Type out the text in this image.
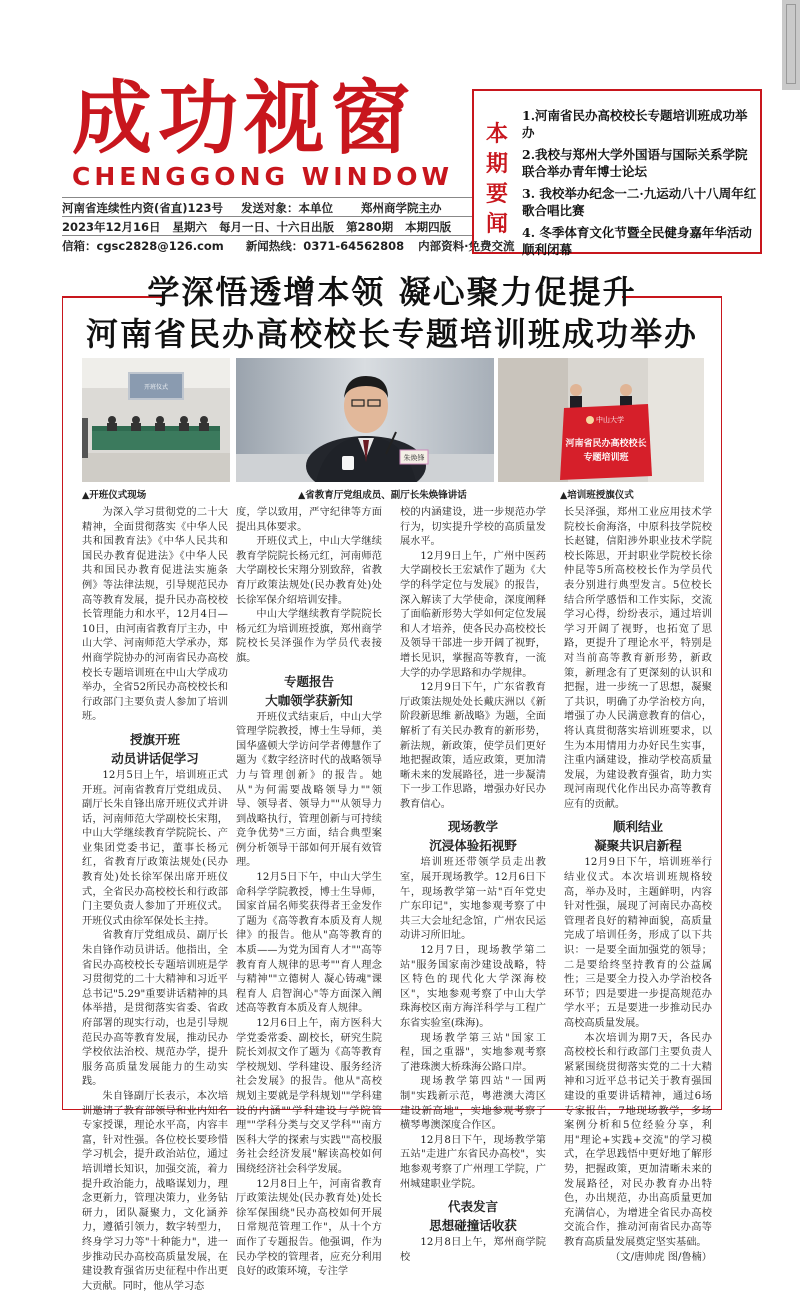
成功视窗
CHENGGONG WINDOW
河南省连续性内资(省直)123号 发送对象：本单位 郑州商学院主办
2023年12月16日 星期六 每月一日、十六日出版 第280期 本期四版
信箱：cgsc2828@126.com 新闻热线：0371-64562808 内部资料·免费交流
本期要闻
1.河南省民办高校校长专题培训班成功举办
2.我校与郑州大学外国语与国际关系学院联合举办青年博士论坛
3. 我校举办纪念一二·九运动八十八周年红歌合唱比赛
4. 冬季体育文化节暨全民健身嘉年华活动顺利闭幕
学深悟透增本领 凝心聚力促提升
河南省民办高校校长专题培训班成功举办
开班仪式
朱焕锋
中山大学
河南省民办高校校长
专题培训班
▲开班仪式现场	▲省教育厅党组成员、副厅长朱焕锋讲话	▲培训班授旗仪式

为深入学习贯彻党的二十大精神，全面贯彻落实《中华人民共和国教育法》《中华人民共和国民办教育促进法》《中华人民共和国民办教育促进法实施条例》等法律法规，引导规范民办高等教育发展，提升民办高校校长管理能力和水平，12月4日—10日，由河南省教育厅主办，中山大学、河南师范大学承办，郑州商学院协办的河南省民办高校校长专题培训班在中山大学成功举办，全省52所民办高校校长和行政部门主要负责人参加了培训班。

授旗开班

动员讲话促学习

12月5日上午，培训班正式开班。河南省教育厅党组成员、副厅长朱自锋出席开班仪式并讲话，河南师范大学副校长宋翔，中山大学继续教育学院院长、产业集团党委书记，董事长杨元红，省教育厅政策法规处(民办教育处)处长徐军保出席开班仪式，全省民办高校校长和行政部门主要负责人参加了开班仪式。开班仪式由徐军保处长主持。

省教育厅党组成员、副厅长朱自锋作动员讲话。他指出，全省民办高校校长专题培训班是学习贯彻党的二十大精神和习近平总书记"5.29"重要讲话精神的具体举措，是贯彻落实省委、省政府部署的现实行动，也是引导规范民办高等教育发展，推动民办学校依法治校、规范办学，提升服务高质量发展能力的生动实践。

朱自锋副厅长表示，本次培训邀请了教育部领导和业内知名专家授课，理论水平高，内容丰富，针对性强。各位校长要珍惜学习机会，提升政治站位，通过培训增长知识，加强交流，着力提升政治能力，战略谋划力，理念更新力，管理决策力，业务钻研力，团队凝聚力，文化涵养力，遵循引领力，数字转型力，终身学习力等"十种能力"，进一步推动民办高校高质量发展，在建设教育强省历史征程中作出更大贡献。同时，他从学习态

度，学以致用，严守纪律等方面提出具体要求。

开班仪式上，中山大学继续教育学院院长杨元红，河南师范大学副校长宋翔分别致辞，省教育厅政策法规处(民办教育处)处长徐军保介绍培训安排。

中山大学继续教育学院院长杨元红为培训班授旗，郑州商学院校长吴泽强作为学员代表接旗。

专题报告

大咖领学获新知

开班仪式结束后，中山大学管理学院教授，博士生导师，美国华盛顿大学访问学者傅慧作了题为《数字经济时代的战略领导力与管理创新》的报告。她从"为何需要战略领导力""领导、领导者、领导力""从领导力到战略执行，管理创新与可持续竞争优势"三方面，结合典型案例分析领导干部如何开展有效管理。

12月5日下午，中山大学生命科学学院教授，博士生导师，国家首届名师奖获得者王金发作了题为《高等教育本质及育人规律》的报告。他从"高等教育的本质——为党为国育人才""高等教育育人规律的思考""育人理念与精神""立德树人 凝心铸魂"课程育人 启智润心"等方面深入阐述高等教育本质及育人规律。

12月6日上午，南方医科大学党委常委、副校长，研究生院院长刘叔文作了题为《高等教育学校规划、学科建设、服务经济社会发展》的报告。他从"高校规划主要就是学科规划""学科建设的内涵""学科建设与学院管理""学科分类与交叉学科""南方医科大学的探索与实践""高校服务社会经济发展"解读高校如何围绕经济社会科学发展。

12月8日上午，河南省教育厅政策法规处(民办教育处)处长徐军保围绕"民办高校如何开展日常规范管理工作"，从十个方面作了专题报告。他强调，作为民办学校的管理者，应充分利用良好的政策环境，专注学

校的内涵建设，进一步规范办学行为，切实提升学校的高质量发展水平。

12月9日上午，广州中医药大学副校长王宏斌作了题为《大学的科学定位与发展》的报告，深入解读了大学使命，深度阐释了面临新形势大学如何定位发展和人才培养，使各民办高校校长及领导干部进一步开阔了视野，增长见识，掌握高等教育，一流大学的办学思路和办学规律。

12月9日下午，广东省教育厅政策法规处处长戴庆洲以《新阶段新思维 新战略》为题，全面解析了有关民办教育的新形势，新法规，新政策，使学员们更好地把握政策，适应政策，更加清晰未来的发展路径，进一步凝清下一步工作思路，增强办好民办教育信心。

现场教学

沉浸体验拓视野

培训班还带领学员走出教室，展开现场教学。12月6日下午，现场教学第一站"百年党史 广东印记"，实地参观考察了中共三大会址纪念馆，广州农民运动讲习所旧址。

12月7日，现场教学第二站"服务国家南沙建设战略，特区特色的现代化大学深海校区"，实地参观考察了中山大学珠海校区南方海洋科学与工程广东省实验室(珠海)。

现场教学第三站"国家工程，国之重器"，实地参观考察了港珠澳大桥珠海公路口岸。

现场教学第四站"一国两制"实践新示范，粤港澳大湾区建设新高地"，实地参观考察了横琴粤澳深度合作区。

12月8日下午，现场教学第五站"走进广东省民办高校"，实地参观考察了广州理工学院，广州城建职业学院。

代表发言

思想碰撞话收获

12月8日上午，郑州商学院校

长吴泽强，郑州工业应用技术学院校长俞海洛，中原科技学院校长赵键，信阳涉外职业技术学院校长陈思，开封职业学院校长徐仲昆等5所高校校长作为学员代表分别进行典型发言。5位校长结合所学感悟和工作实际，交流学习心得，纷纷表示，通过培训学习开阔了视野，也拓宽了思路，更提升了理论水平，特别是对当前高等教育新形势，新政策，新理念有了更深刻的认识和把握，进一步统一了思想，凝聚了共识，明确了办学治校方向，增强了办人民满意教育的信心，将认真贯彻落实培训班要求，以生为本用情用力办好民生实事，注重内涵建设，推动学校高质量发展，为建设教育强省，助力实现河南现代化作出民办高等教育应有的贡献。

顺利结业

凝聚共识启新程

12月9日下午，培训班举行结业仪式。本次培训班规格较高，举办及时，主题鲜明，内容针对性强，展现了河南民办高校管理者良好的精神面貌，高质量完成了培训任务，形成了以下共识：一是要全面加强党的领导；二是要给终坚持教育的公益属性；三是要全力投入办学治校各环节；四是要进一步提高规范办学水平；五是要进一步推动民办高校高质量发展。

本次培训为期7天，各民办高校校长和行政部门主要负责人紧紧围绕贯彻落实党的二十大精神和习近平总书记关于教育强国建设的重要讲话精神，通过6场专家报告，7地现场教学，多场案例分析和5位经验分享，利用"理论+实践+交流"的学习模式，在学思践悟中更好地了解形势，把握政策，更加清晰未来的发展路径，对民办教育办出特色，办出规范，办出高质量更加充满信心，为增进全省民办高校交流合作，推动河南省民办高等教育高质量发展奠定坚实基础。

（文/唐帅虎 图/鲁楠）
